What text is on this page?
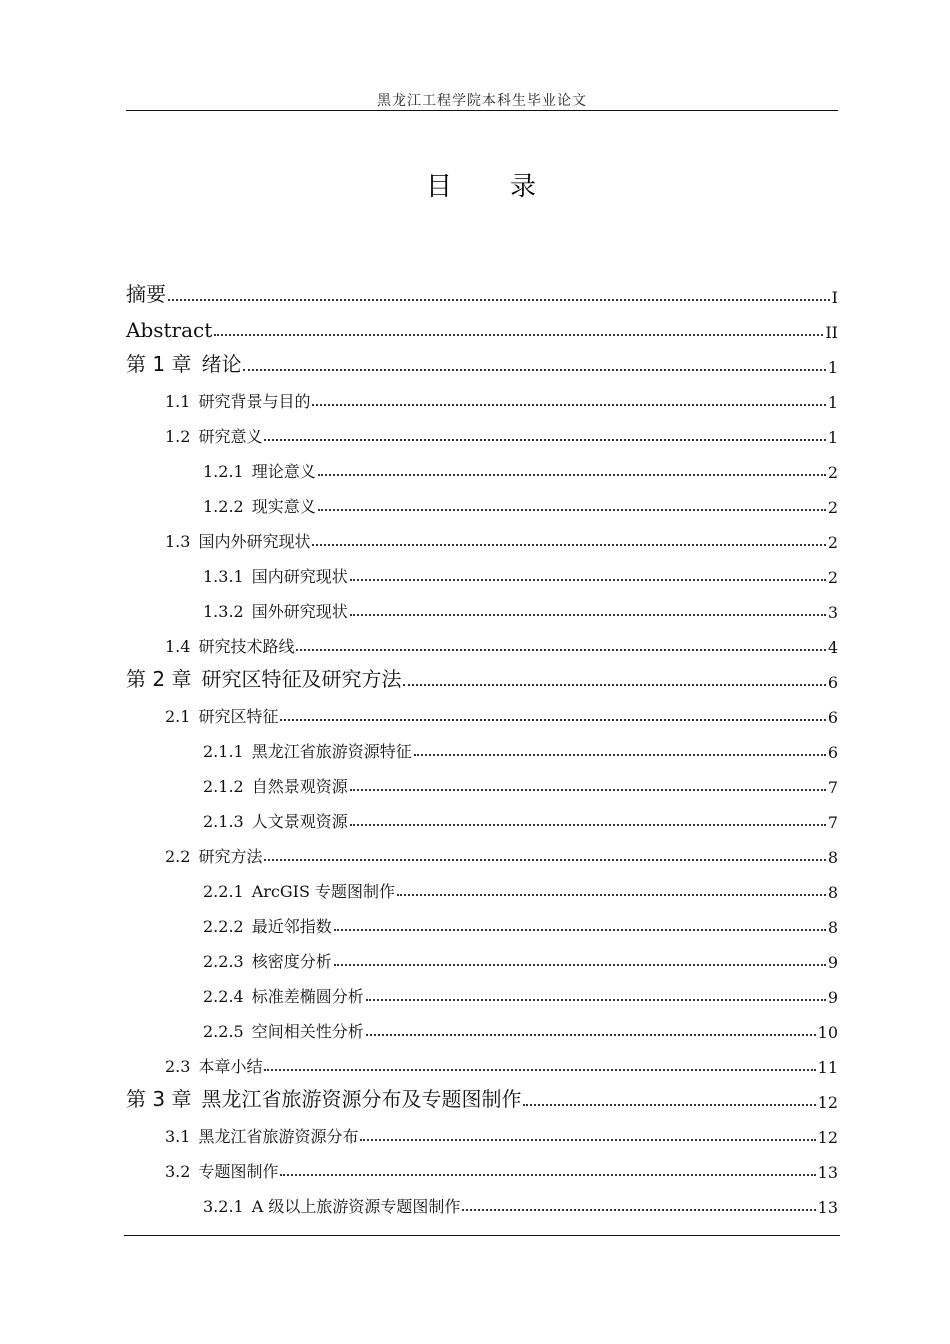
黑龙江工程学院本科生毕业论文
目 录
摘要	I
Abstract	II
第 1 章 绪论	1
1.1 研究背景与目的	1
1.2 研究意义	1
1.2.1 理论意义	2
1.2.2 现实意义	2
1.3 国内外研究现状	2
1.3.1 国内研究现状	2
1.3.2 国外研究现状	3
1.4 研究技术路线	4
第 2 章 研究区特征及研究方法	6
2.1 研究区特征	6
2.1.1 黑龙江省旅游资源特征	6
2.1.2 自然景观资源	7
2.1.3 人文景观资源	7
2.2 研究方法	8
2.2.1 ArcGIS 专题图制作	8
2.2.2 最近邻指数	8
2.2.3 核密度分析	9
2.2.4 标准差椭圆分析	9
2.2.5 空间相关性分析	10
2.3 本章小结	11
第 3 章 黑龙江省旅游资源分布及专题图制作	12
3.1 黑龙江省旅游资源分布	12
3.2 专题图制作	13
3.2.1 A 级以上旅游资源专题图制作	13
